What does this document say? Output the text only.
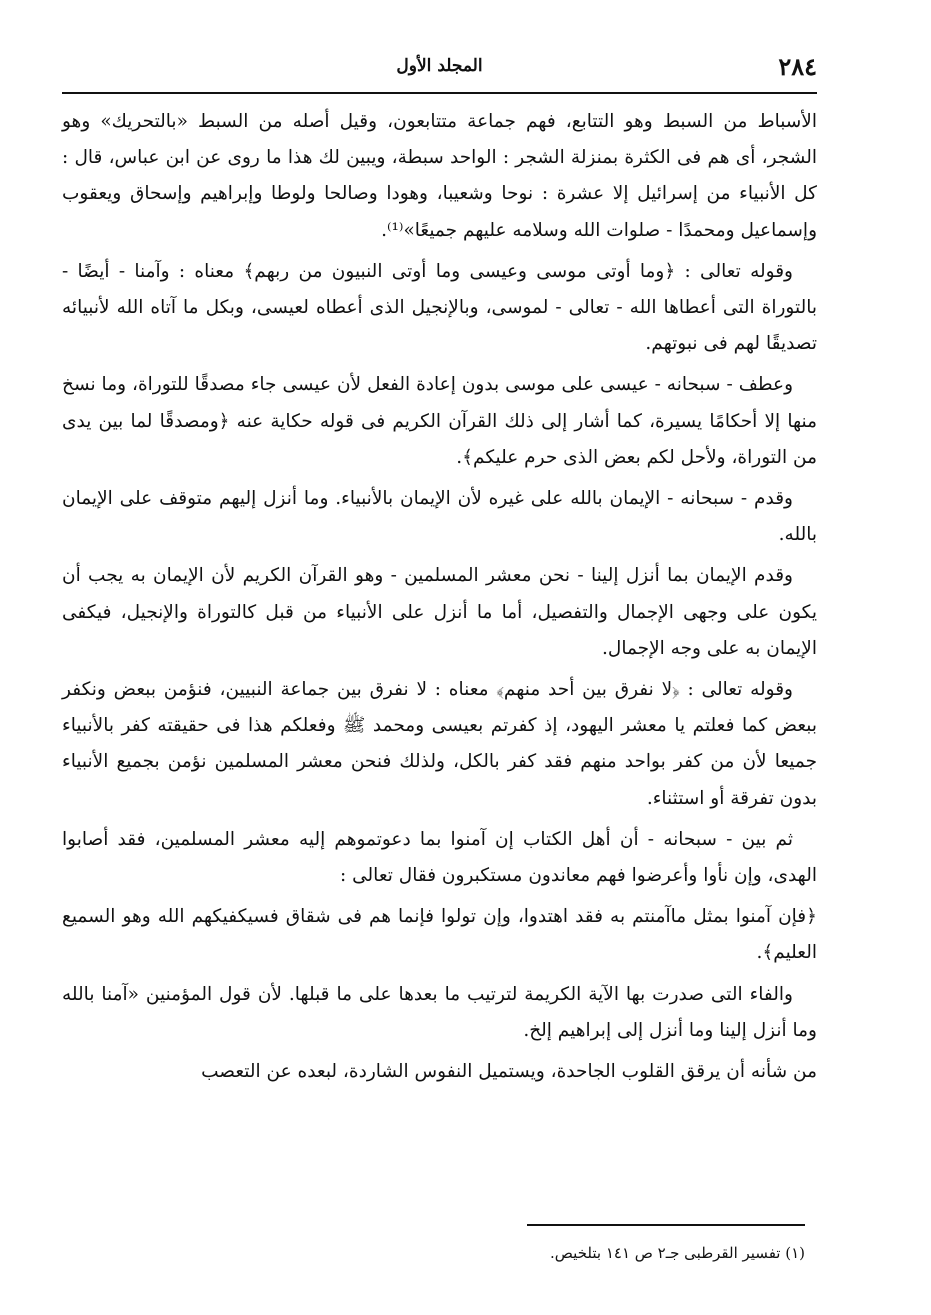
٢٨٤
المجلد الأول

الأسباط من السبط وهو التتابع، فهم جماعة متتابعون، وقيل أصله من السبط «بالتحريك» وهو الشجر، أى هم فى الكثرة بمنزلة الشجر : الواحد سبطة، ويبين لك هذا ما روى عن ابن عباس، قال : كل الأنبياء من إسرائيل إلا عشرة : نوحا وشعيبا، وهودا وصالحا ولوطا وإبراهيم وإسحاق ويعقوب وإسماعيل ومحمدًا - صلوات الله وسلامه عليهم جميعًا»⁽¹⁾.

وقوله تعالى : ﴿وما أوتى موسى وعيسى وما أوتى النبيون من ربهم﴾ معناه : وآمنا - أيضًا - بالتوراة التى أعطاها الله - تعالى - لموسى، وبالإنجيل الذى أعطاه لعيسى، وبكل ما آتاه الله لأنبيائه تصديقًا لهم فى نبوتهم.

وعطف - سبحانه - عيسى على موسى بدون إعادة الفعل لأن عيسى جاء مصدقًا للتوراة، وما نسخ منها إلا أحكامًا يسيرة، كما أشار إلى ذلك القرآن الكريم فى قوله حكاية عنه ﴿ومصدقًا لما بين يدى من التوراة، ولأحل لكم بعض الذى حرم عليكم﴾.

وقدم - سبحانه - الإيمان بالله على غيره لأن الإيمان بالأنبياء. وما أنزل إليهم متوقف على الإيمان بالله.

وقدم الإيمان بما أنزل إلينا - نحن معشر المسلمين - وهو القرآن الكريم لأن الإيمان به يجب أن يكون على وجهى الإجمال والتفصيل، أما ما أنزل على الأنبياء من قبل كالتوراة والإنجيل، فيكفى الإيمان به على وجه الإجمال.

وقوله تعالى : ﴿لا نفرق بين أحد منهم﴾ معناه : لا نفرق بين جماعة النبيين، فنؤمن ببعض ونكفر ببعض كما فعلتم يا معشر اليهود، إذ كفرتم بعيسى ومحمد ﷺ وفعلكم هذا فى حقيقته كفر بالأنبياء جميعا لأن من كفر بواحد منهم فقد كفر بالكل، ولذلك فنحن معشر المسلمين نؤمن بجميع الأنبياء بدون تفرقة أو استثناء.

ثم بين - سبحانه - أن أهل الكتاب إن آمنوا بما دعوتموهم إليه معشر المسلمين، فقد أصابوا الهدى، وإن نأوا وأعرضوا فهم معاندون مستكبرون فقال تعالى :

﴿فإن آمنوا بمثل ماآمنتم به فقد اهتدوا، وإن تولوا فإنما هم فى شقاق فسيكفيكهم الله وهو السميع العليم﴾.

والفاء التى صدرت بها الآية الكريمة لترتيب ما بعدها على ما قبلها. لأن قول المؤمنين «آمنا بالله وما أنزل إلينا وما أنزل إلى إبراهيم إلخ.

من شأنه أن يرقق القلوب الجاحدة، ويستميل النفوس الشاردة، لبعده عن التعصب

(١) تفسير القرطبى جـ٢ ص ١٤١ بتلخيص.
